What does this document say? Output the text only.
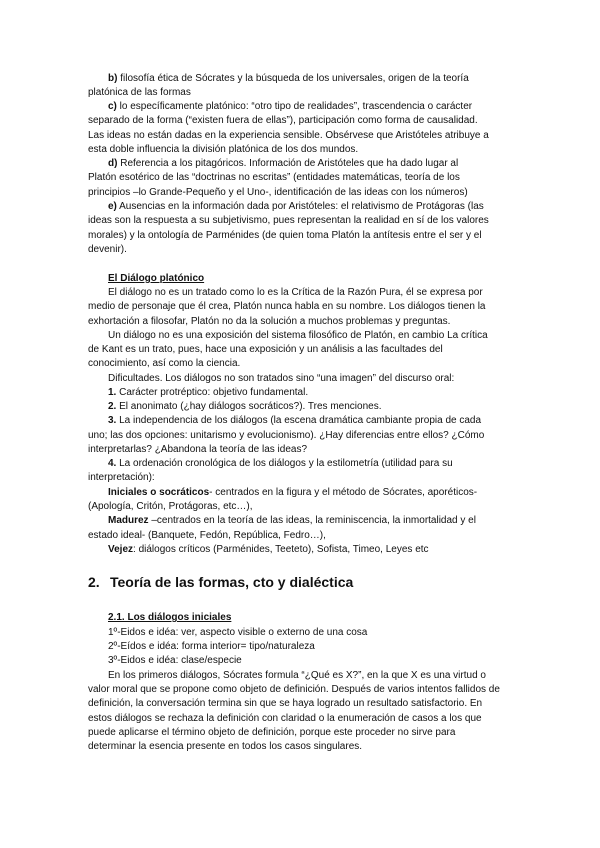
b) filosofía ética de Sócrates y la búsqueda de los universales, origen de la teoría
platónica de las formas
c) lo específicamente platónico: “otro tipo de realidades”, trascendencia o carácter
separado de la forma (“existen fuera de ellas”), participación como forma de causalidad.
Las ideas no están dadas en la experiencia sensible. Obsérvese que Aristóteles atribuye a
esta doble influencia la división platónica de los dos mundos.
d) Referencia a los pitagóricos. Información de Aristóteles que ha dado lugar al
Platón esotérico de las “doctrinas no escritas” (entidades matemáticas, teoría de los
principios –lo Grande-Pequeño y el Uno-, identificación de las ideas con los números)
e) Ausencias en la información dada por Aristóteles: el relativismo de Protágoras (las
ideas son la respuesta a su subjetivismo, pues representan la realidad en sí de los valores
morales) y la ontología de Parménides (de quien toma Platón la antítesis entre el ser y el
devenir).
El Diálogo platónico
El diálogo no es un tratado como lo es la Crítica de la Razón Pura, él se expresa por
medio de personaje que él crea, Platón nunca habla en su nombre. Los diálogos tienen la
exhortación a filosofar, Platón no da la solución a muchos problemas y preguntas.
Un diálogo no es una exposición del sistema filosófico de Platón, en cambio La crítica
de Kant es un trato, pues, hace una exposición y un análisis a las facultades del
conocimiento, así como la ciencia.
Dificultades. Los diálogos no son tratados sino “una imagen” del discurso oral:
1. Carácter protréptico: objetivo fundamental.
2. El anonimato (¿hay diálogos socráticos?). Tres menciones.
3. La independencia de los diálogos (la escena dramática cambiante propia de cada
uno; las dos opciones: unitarismo y evolucionismo). ¿Hay diferencias entre ellos? ¿Cómo
interpretarlas? ¿Abandona la teoría de las ideas?
4. La ordenación cronológica de los diálogos y la estilometría (utilidad para su
interpretación):
Iniciales o socráticos- centrados en la figura y el método de Sócrates, aporéticos-
(Apología, Critón, Protágoras, etc…),
Madurez –centrados en la teoría de las ideas, la reminiscencia, la inmortalidad y el
estado ideal- (Banquete, Fedón, República, Fedro…),
Vejez: diálogos críticos (Parménides, Teeteto), Sofista, Timeo, Leyes etc
2. Teoría de las formas, cto y dialéctica
2.1. Los diálogos iniciales
1º-Eidos e idéa: ver, aspecto visible o externo de una cosa
2º-Eídos e idéa: forma interior= tipo/naturaleza
3º-Eidos e idéa: clase/especie
En los primeros diálogos, Sócrates formula “¿Qué es X?”, en la que X es una virtud o
valor moral que se propone como objeto de definición. Después de varios intentos fallidos de
definición, la conversación termina sin que se haya logrado un resultado satisfactorio. En
estos diálogos se rechaza la definición con claridad o la enumeración de casos a los que
puede aplicarse el término objeto de definición, porque este proceder no sirve para
determinar la esencia presente en todos los casos singulares.
